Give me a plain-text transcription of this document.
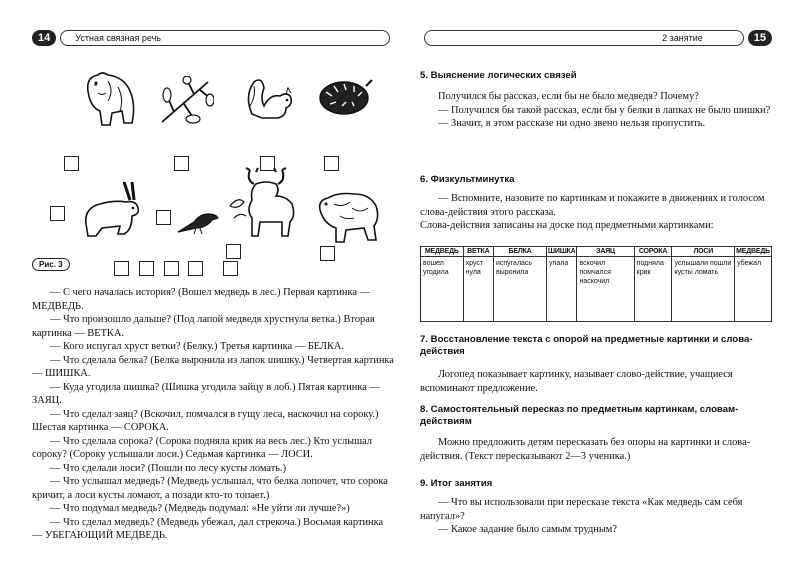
14	Устная связная речь
Рис. 3

— С чего началась история? (Вошел медведь в лес.) Первая картинка — МЕДВЕДЬ.

— Что произошло дальше? (Под лапой медведя хрустнула ветка.) Вторая картинка — ВЕТКА.

— Кого испугал хруст ветки? (Белку.) Третья картинка — БЕЛКА.

— Что сделала белка? (Белка выронила из лапок шишку.) Четвертая картинка — ШИШКА.

— Куда угодила шишка? (Шишка угодила зайцу в лоб.) Пятая картинка — ЗАЯЦ.

— Что сделал заяц? (Вскочил, помчался в гущу леса, наскочил на сороку.) Шестая картинка — СОРОКА.

— Что сделала сорока? (Сорока подняла крик на весь лес.) Кто услышал сороку? (Сороку услышали лоси.) Седьмая картинка — ЛОСИ.

— Что сделали лоси? (Пошли по лесу кусты ломать.)

— Что услышал медведь? (Медведь услышал, что белка лопочет, что сорока кричит, а лоси кусты ломают, а позади кто-то топает.)

— Что подумал медведь? (Медведь подумал: «Не уйти ли лучше?»)

— Что сделал медведь? (Медведь убежал, дал стрекоча.) Восьмая картинка — УБЕГАЮЩИЙ МЕДВЕДЬ.

2 занятие	15

5. Выяснение логических связей

Получился бы рассказ, если бы не было медведя? Почему?

— Получился бы такой рассказ, если бы у белки в лапках не было шишки?

— Значит, в этом рассказе ни одно звено нельзя пропустить.

6. Физкультминутка

— Вспомните, назовите по картинкам и покажите в движениях и голосом слова-действия этого рассказа.

Слова-действия записаны на доске под предметными картинками:

МЕДВЕДЬ	ВЕТКА	БЕЛКА	ШИШКА	ЗАЯЦ	СОРОКА	ЛОСИ	МЕДВЕДЬ
вошел угодила	хруст нула	испугалась выронила	упала	вскочил помчался наскочил	подняла крик	услышали пошли кусты ломать	убежал

7. Восстановление текста с опорой на предметные картинки и слова-действия

Логопед показывает картинку, называет слово-действие, учащиеся вспоминают предложение.

8. Самостоятельный пересказ по предметным картинкам, словам-действиям

Можно предложить детям пересказать без опоры на картинки и слова-действия. (Текст пересказывают 2—3 ученика.)

9. Итог занятия

— Что вы использовали при пересказе текста «Как медведь сам себя напугал»?

— Какое задание было самым трудным?
